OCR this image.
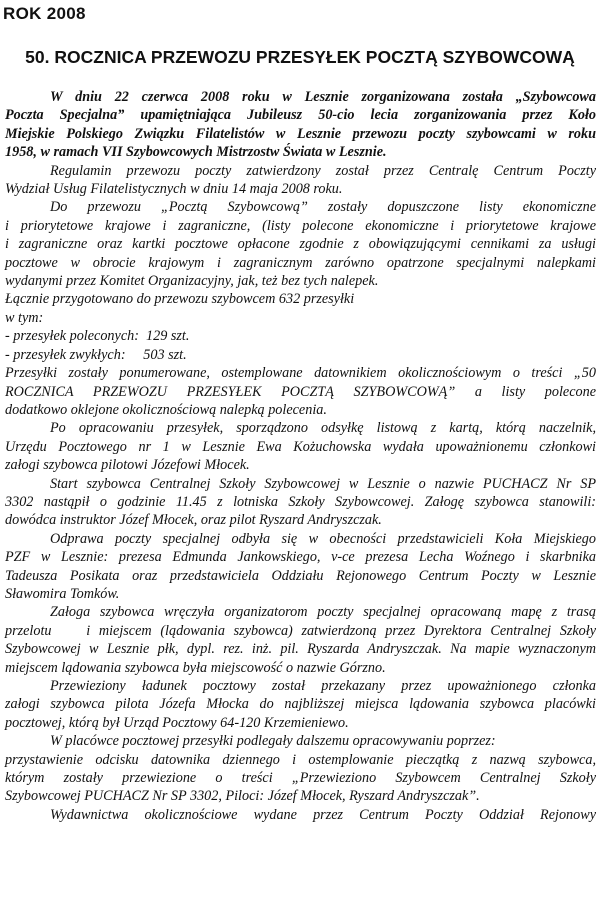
ROK 2008
50. ROCZNICA PRZEWOZU PRZESYŁEK POCZTĄ SZYBOWCOWĄ

W dniu 22 czerwca 2008 roku w Lesznie zorganizowana została „Szybowcowa

Poczta Specjalna” upamiętniająca Jubileusz 50-cio lecia zorganizowania przez Koło

Miejskie Polskiego Związku Filatelistów w Lesznie przewozu poczty szybowcami w roku

1958, w ramach VII Szybowcowych Mistrzostw Świata w Lesznie.

Regulamin przewozu poczty zatwierdzony został przez Centralę Centrum Poczty

Wydział Usług Filatelistycznych w dniu 14 maja 2008 roku.

Do przewozu „Pocztą Szybowcową” zostały dopuszczone listy ekonomiczne

i priorytetowe krajowe i zagraniczne, (listy polecone ekonomiczne i priorytetowe krajowe

i zagraniczne oraz kartki pocztowe opłacone zgodnie z obowiązującymi cennikami za usługi

pocztowe w obrocie krajowym i zagranicznym zarówno opatrzone specjalnymi nalepkami

wydanymi przez Komitet Organizacyjny, jak, też bez tych nalepek.

Łącznie przygotowano do przewozu szybowcem 632 przesyłki

w tym:

- przesyłek poleconych:  129 szt.

- przesyłek zwykłych:     503 szt.

Przesyłki zostały ponumerowane, ostemplowane datownikiem okolicznościowym o treści „50

ROCZNICA PRZEWOZU PRZESYŁEK POCZTĄ SZYBOWCOWĄ” a listy polecone

dodatkowo oklejone okolicznościową nalepką polecenia.

Po opracowaniu przesyłek, sporządzono odsyłkę listową z kartą, którą naczelnik,

Urzędu Pocztowego nr 1 w Lesznie Ewa Kożuchowska wydała upoważnionemu członkowi

załogi szybowca pilotowi Józefowi Młocek.

Start szybowca Centralnej Szkoły Szybowcowej w Lesznie o nazwie PUCHACZ Nr SP

3302 nastąpił o godzinie 11.45 z lotniska Szkoły Szybowcowej. Załogę szybowca stanowili:

dowódca instruktor Józef Młocek, oraz pilot Ryszard Andryszczak.

Odprawa poczty specjalnej odbyła się w obecności przedstawicieli Koła Miejskiego

PZF w Lesznie: prezesa Edmunda Jankowskiego, v-ce prezesa Lecha Woźnego i skarbnika

Tadeusza Posikata oraz przedstawiciela Oddziału Rejonowego Centrum Poczty w Lesznie

Sławomira Tomków.

Załoga szybowca wręczyła organizatorom poczty specjalnej opracowaną mapę z trasą

przelotu    i miejscem (lądowania szybowca) zatwierdzoną przez Dyrektora Centralnej Szkoły

Szybowcowej w Lesznie płk, dypl. rez. inż. pil. Ryszarda Andryszczak. Na mapie wyznaczonym

miejscem lądowania szybowca była miejscowość o nazwie Górzno.

Przewieziony ładunek pocztowy został przekazany przez upoważnionego członka

załogi szybowca pilota Józefa Młocka do najbliższej miejsca lądowania szybowca placówki

pocztowej, którą był Urząd Pocztowy 64-120 Krzemieniewo.

W placówce pocztowej przesyłki podlegały dalszemu opracowywaniu poprzez:

przystawienie odcisku datownika dziennego i ostemplowanie pieczątką z nazwą szybowca,

którym zostały przewiezione o treści „Przewieziono Szybowcem Centralnej Szkoły

Szybowcowej PUCHACZ Nr SP 3302, Piloci: Józef Młocek, Ryszard Andryszczak”.

Wydawnictwa okolicznościowe wydane przez Centrum Poczty Oddział Rejonowy
